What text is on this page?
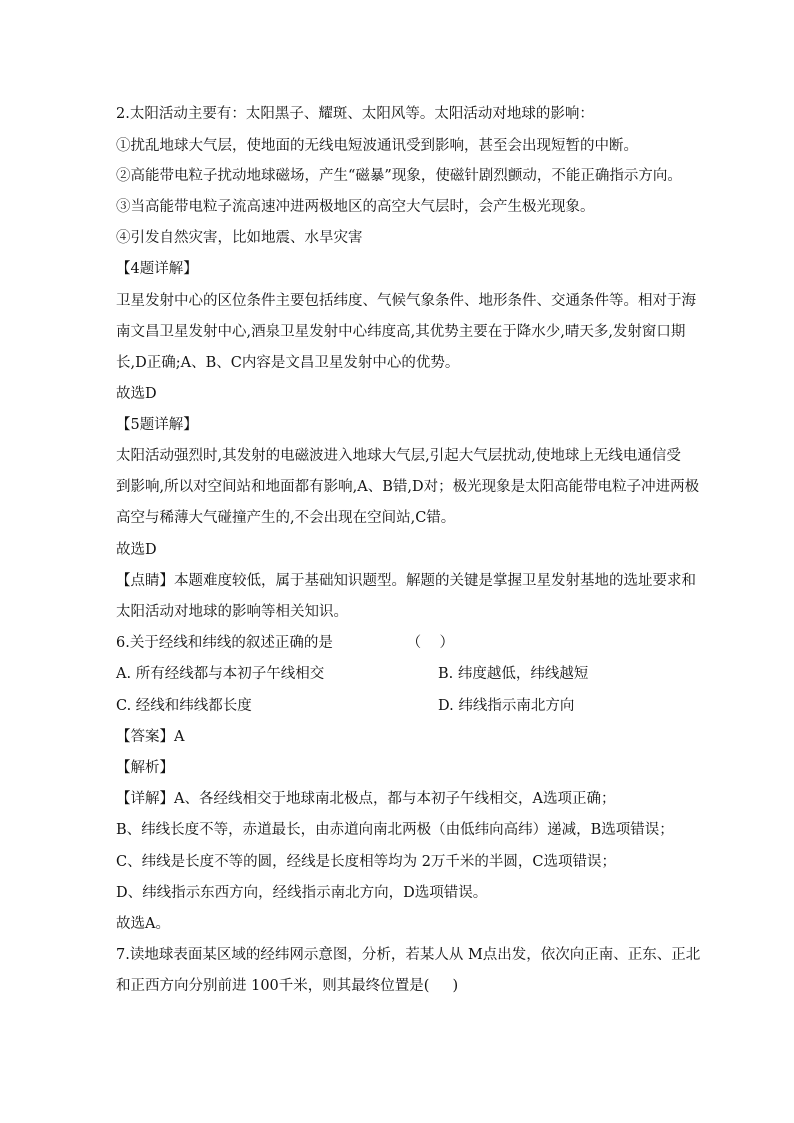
2.太阳活动主要有：太阳黑子、耀斑、太阳风等。太阳活动对地球的影响：
①扰乱地球大气层，使地面的无线电短波通讯受到影响，甚至会出现短暂的中断。
②高能带电粒子扰动地球磁场，产生“磁暴”现象，使磁针剧烈颤动，不能正确指示方向。
③当高能带电粒子流高速冲进两极地区的高空大气层时，会产生极光现象。
④引发自然灾害，比如地震、水旱灾害
【4题详解】
卫星发射中心的区位条件主要包括纬度、气候气象条件、地形条件、交通条件等。相对于海
南文昌卫星发射中心,酒泉卫星发射中心纬度高,其优势主要在于降水少,晴天多,发射窗口期
长,D正确;A、B、C内容是文昌卫星发射中心的优势。
故选D
【5题详解】
太阳活动强烈时,其发射的电磁波进入地球大气层,引起大气层扰动,使地球上无线电通信受
到影响,所以对空间站和地面都有影响,A、B错,D对；极光现象是太阳高能带电粒子冲进两极
高空与稀薄大气碰撞产生的,不会出现在空间站,C错。
故选D
【点睛】本题难度较低，属于基础知识题型。解题的关键是掌握卫星发射基地的选址要求和
太阳活动对地球的影响等相关知识。
6.关于经线和纬线的叙述正确的是                （    ）
A. 所有经线都与本初子午线相交	B. 纬度越低，纬线越短
C. 经线和纬线都长度	D. 纬线指示南北方向
【答案】A
【解析】
【详解】A、各经线相交于地球南北极点，都与本初子午线相交，A选项正确；
B、纬线长度不等，赤道最长，由赤道向南北两极（由低纬向高纬）递减，B选项错误；
C、纬线是长度不等的圆，经线是长度相等均为 2万千米的半圆，C选项错误；
D、纬线指示东西方向，经线指示南北方向，D选项错误。
故选A。
7.读地球表面某区域的经纬网示意图，分析，若某人从 M点出发，依次向正南、正东、正北
和正西方向分别前进 100千米，则其最终位置是(     )
